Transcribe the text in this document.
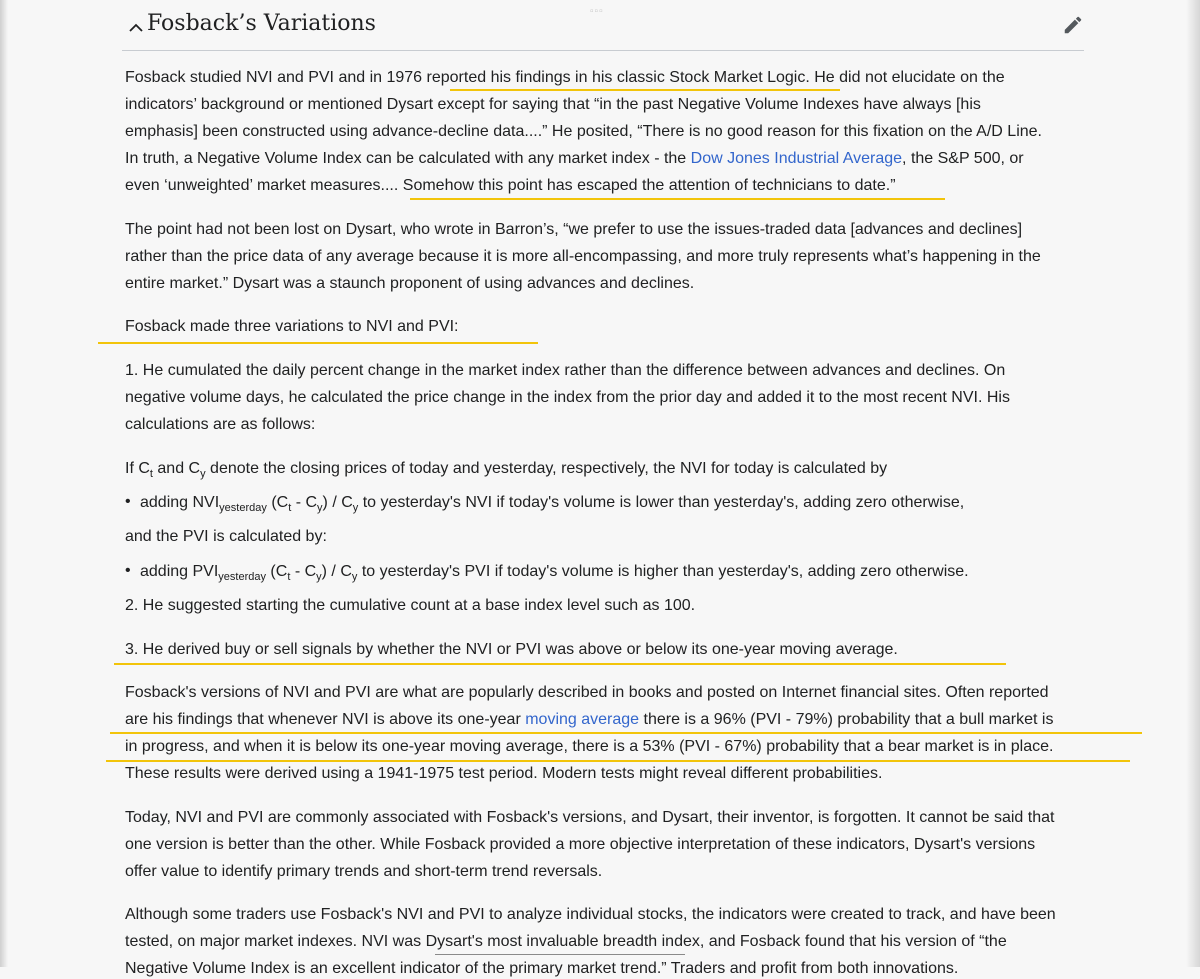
▫▫▫
Fosback’s Variations
Fosback studied NVI and PVI and in 1976 reported his findings in his classic Stock Market Logic. He did not elucidate on the
indicators’ background or mentioned Dysart except for saying that “in the past Negative Volume Indexes have always [his
emphasis] been constructed using advance-decline data....” He posited, “There is no good reason for this fixation on the A/D Line.
In truth, a Negative Volume Index can be calculated with any market index - the Dow Jones Industrial Average, the S&P 500, or
even ‘unweighted’ market measures.... Somehow this point has escaped the attention of technicians to date.”
The point had not been lost on Dysart, who wrote in Barron’s, “we prefer to use the issues-traded data [advances and declines]
rather than the price data of any average because it is more all-encompassing, and more truly represents what’s happening in the
entire market.” Dysart was a staunch proponent of using advances and declines.
Fosback made three variations to NVI and PVI:
1. He cumulated the daily percent change in the market index rather than the difference between advances and declines. On
negative volume days, he calculated the price change in the index from the prior day and added it to the most recent NVI. His
calculations are as follows:
If $C_t$ and $C_y$ denote the closing prices of today and yesterday, respectively, the NVI for today is calculated by
• adding $NVI_{yesterday}$ $(C_t - C_y) / C_y$ to yesterday's NVI if today's volume is lower than yesterday's, adding zero otherwise,
and the PVI is calculated by:
• adding $PVI_{yesterday}$ $(C_t - C_y) / C_y$ to yesterday's PVI if today's volume is higher than yesterday's, adding zero otherwise.
2. He suggested starting the cumulative count at a base index level such as 100.
3. He derived buy or sell signals by whether the NVI or PVI was above or below its one-year moving average.
Fosback's versions of NVI and PVI are what are popularly described in books and posted on Internet financial sites. Often reported
are his findings that whenever NVI is above its one-year moving average there is a 96% (PVI - 79%) probability that a bull market is
in progress, and when it is below its one-year moving average, there is a 53% (PVI - 67%) probability that a bear market is in place.
These results were derived using a 1941-1975 test period. Modern tests might reveal different probabilities.
Today, NVI and PVI are commonly associated with Fosback's versions, and Dysart, their inventor, is forgotten. It cannot be said that
one version is better than the other. While Fosback provided a more objective interpretation of these indicators, Dysart's versions
offer value to identify primary trends and short-term trend reversals.
Although some traders use Fosback's NVI and PVI to analyze individual stocks, the indicators were created to track, and have been
tested, on major market indexes. NVI was Dysart's most invaluable breadth index, and Fosback found that his version of “the
Negative Volume Index is an excellent indicator of the primary market trend.” Traders and profit from both innovations.
